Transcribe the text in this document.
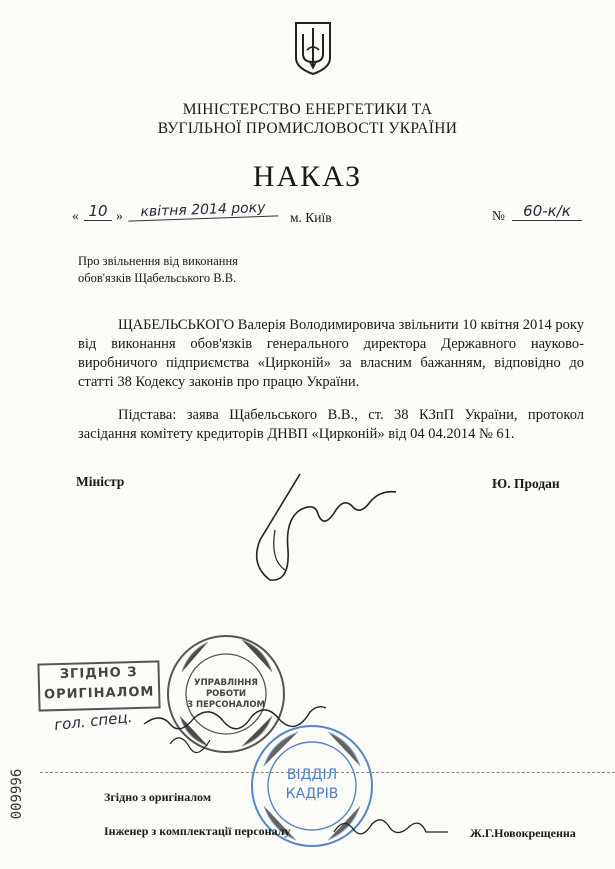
МІНІСТЕРСТВО ЕНЕРГЕТИКИ ТА
ВУГІЛЬНОЇ ПРОМИСЛОВОСТІ УКРАЇНИ
НАКАЗ
« 10 »	квітня 2014 року	м. Київ	№	60-к/к
Про звільнення від виконання
обов'язків Щабельського В.В.
ЩАБЕЛЬСЬКОГО Валерія Володимировича звільнити 10 квітня 2014 року від виконання обов'язків генерального директора Державного науково-виробничого підприємства «Цирконій» за власним бажанням, відповідно до статті 38 Кодексу законів про працю України.
Підстава: заява Щабельського В.В., ст. 38 КЗпП України, протокол засідання комітету кредиторів ДНВП «Цирконій» від 04 04.2014 № 61.
Міністр	Ю. Продан
ЗГІДНО З
ОРИГІНАЛОМ
УПРАВЛІННЯ
РОБОТИ
З ПЕРСОНАЛОМ
гол. спец.
ВІДДІЛ
КАДРІВ
Згідно з оригіналом
Інженер з комплектації персоналу	Ж.Г.Новокрещенна
009996
